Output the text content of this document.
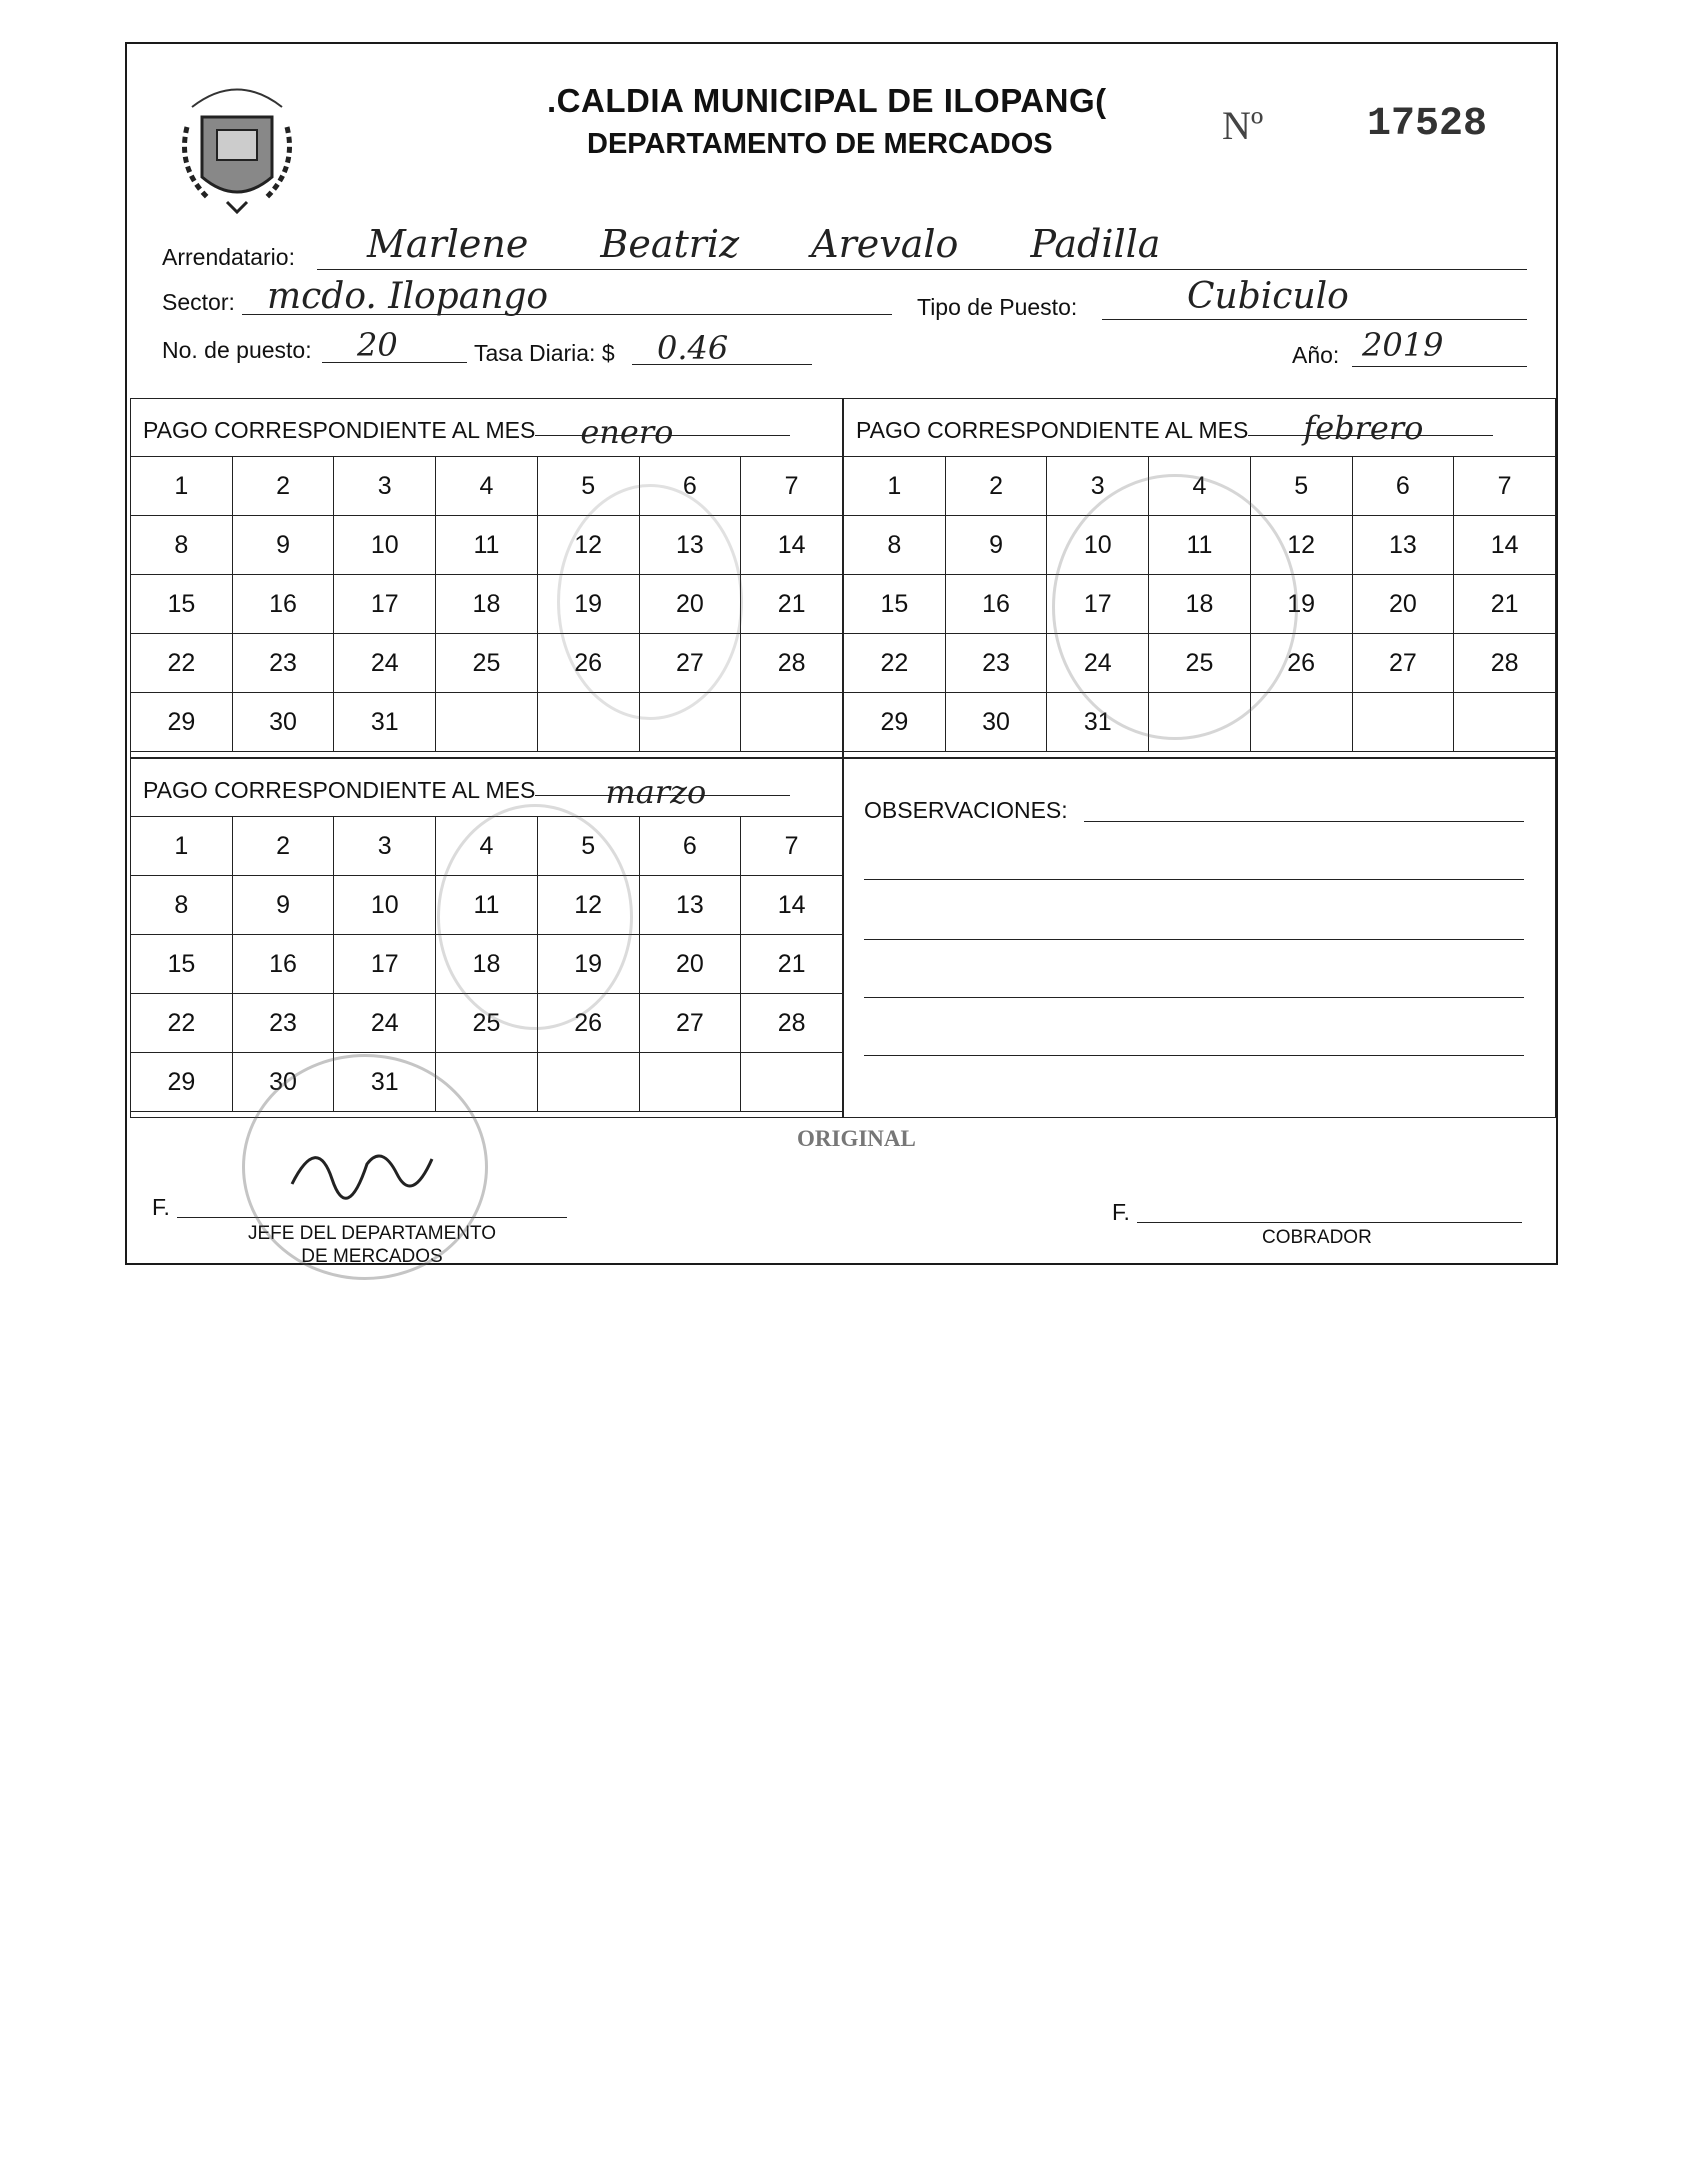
.CALDIA MUNICIPAL DE ILOPANG(
DEPARTAMENTO DE MERCADOS	Nº	17528
Arrendatario: Marlene Beatriz Arevalo Padilla
Sector: mcdo. Ilopango	Tipo de Puesto:	Cubiculo
No. de puesto: 20	Tasa Diaria: $ 0.46	Año: 2019
PAGO CORRESPONDIENTE AL MES enero
1	2	3	4	5	6	7
8	9	10	11	12	13	14
15	16	17	18	19	20	21
22	23	24	25	26	27	28
29	30	31				
PAGO CORRESPONDIENTE AL MES febrero
1	2	3	4	5	6	7
8	9	10	11	12	13	14
15	16	17	18	19	20	21
22	23	24	25	26	27	28
29	30	31				
PAGO CORRESPONDIENTE AL MES marzo
1	2	3	4	5	6	7
8	9	10	11	12	13	14
15	16	17	18	19	20	21
22	23	24	25	26	27	28
29	30	31				
OBSERVACIONES:
ORIGINAL
F.
JEFE DEL DEPARTAMENTO
DE MERCADOS
F.
COBRADOR
